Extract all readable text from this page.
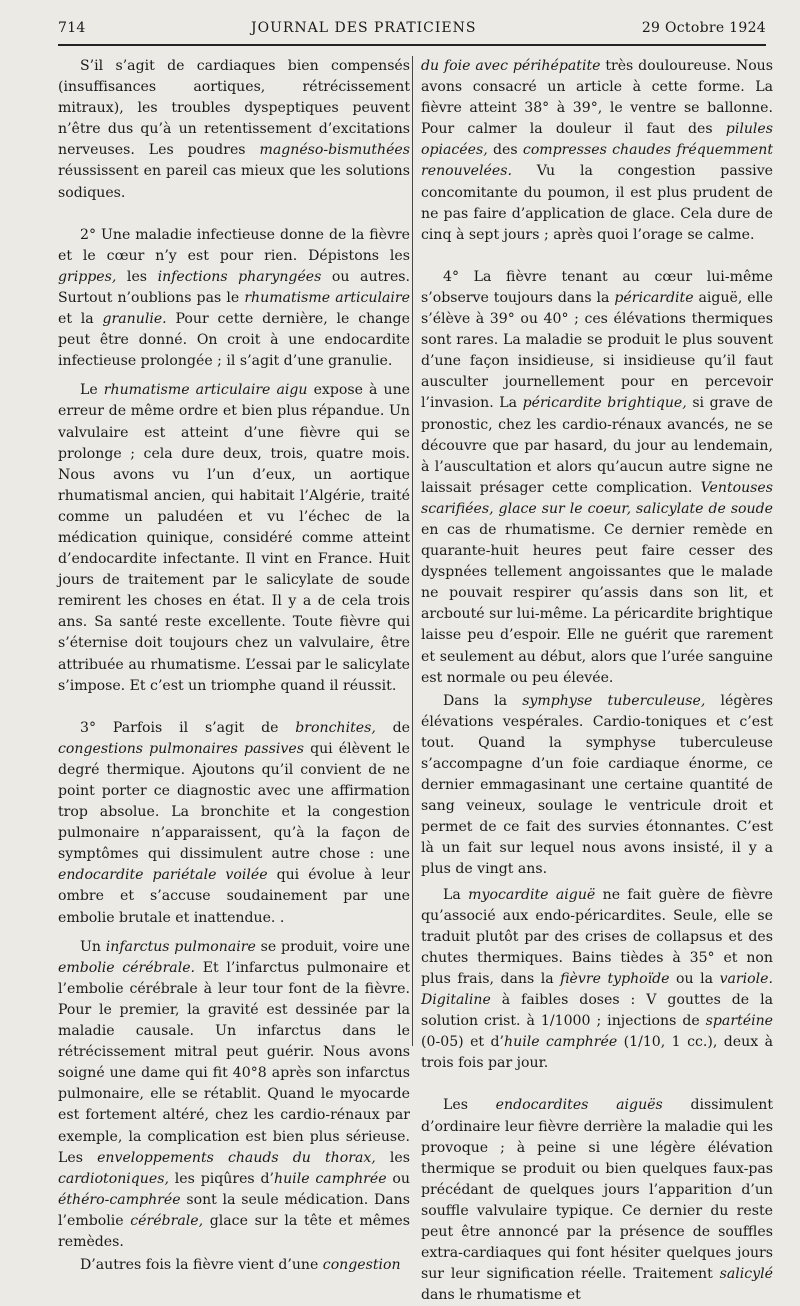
714	JOURNAL DES PRATICIENS	29 Octobre 1924

S’il s’agit de cardiaques bien compensés (insuffisances aortiques, rétrécissement mitraux), les troubles dyspeptiques peuvent n’être dus qu’à un retentissement d’excitations nerveuses. Les poudres magnéso-bismuthées réussissent en pareil cas mieux que les solutions sodiques.

2° Une maladie infectieuse donne de la fièvre et le cœur n’y est pour rien. Dépistons les grippes, les infections pharyngées ou autres. Surtout n’oublions pas le rhumatisme articulaire et la granulie. Pour cette dernière, le change peut être donné. On croit à une endocardite infectieuse prolongée ; il s’agit d’une granulie.

Le rhumatisme articulaire aigu expose à une erreur de même ordre et bien plus répandue. Un valvulaire est atteint d’une fièvre qui se prolonge ; cela dure deux, trois, quatre mois. Nous avons vu l’un d’eux, un aortique rhumatismal ancien, qui habitait l’Algérie, traité comme un paludéen et vu l’échec de la médication quinique, considéré comme atteint d’endocardite infectante. Il vint en France. Huit jours de traitement par le salicylate de soude remirent les choses en état. Il y a de cela trois ans. Sa santé reste excellente. Toute fièvre qui s’éternise doit toujours chez un valvulaire, être attribuée au rhumatisme. L’essai par le salicylate s’impose. Et c’est un triomphe quand il réussit.

3° Parfois il s’agit de bronchites, de congestions pulmonaires passives qui élèvent le degré thermique. Ajoutons qu’il convient de ne point porter ce diagnostic avec une affirmation trop absolue. La bronchite et la congestion pulmonaire n’apparaissent, qu’à la façon de symptômes qui dissimulent autre chose : une endocardite pariétale voilée qui évolue à leur ombre et s’accuse soudainement par une embolie brutale et inattendue. .

Un infarctus pulmonaire se produit, voire une embolie cérébrale. Et l’infarctus pulmonaire et l’embolie cérébrale à leur tour font de la fièvre. Pour le premier, la gravité est dessinée par la maladie causale. Un infarctus dans le rétrécissement mitral peut guérir. Nous avons soigné une dame qui fit 40°8 après son infarctus pulmonaire, elle se rétablit. Quand le myocarde est fortement altéré, chez les cardio-rénaux par exemple, la complication est bien plus sérieuse. Les enveloppements chauds du thorax, les cardiotoniques, les piqûres d’huile camphrée ou éthéro-camphrée sont la seule médication. Dans l’embolie cérébrale, glace sur la tête et mêmes remèdes.

D’autres fois la fièvre vient d’une congestion

du foie avec périhépatite très douloureuse. Nous avons consacré un article à cette forme. La fièvre atteint 38° à 39°, le ventre se ballonne. Pour calmer la douleur il faut des pilules opiacées, des compresses chaudes fréquemment renouvelées. Vu la congestion passive concomitante du poumon, il est plus prudent de ne pas faire d’application de glace. Cela dure de cinq à sept jours ; après quoi l’orage se calme.

4° La fièvre tenant au cœur lui-même s’observe toujours dans la péricardite aiguë, elle s’élève à 39° ou 40° ; ces élévations thermiques sont rares. La maladie se produit le plus souvent d’une façon insidieuse, si insidieuse qu’il faut ausculter journellement pour en percevoir l’invasion. La péricardite brightique, si grave de pronostic, chez les cardio-rénaux avancés, ne se découvre que par hasard, du jour au lendemain, à l’auscultation et alors qu’aucun autre signe ne laissait présager cette complication. Ventouses scarifiées, glace sur le coeur, salicylate de soude en cas de rhumatisme. Ce dernier remède en quarante-huit heures peut faire cesser des dyspnées tellement angoissantes que le malade ne pouvait respirer qu’assis dans son lit, et arcbouté sur lui-même. La péricardite brightique laisse peu d’espoir. Elle ne guérit que rarement et seulement au début, alors que l’urée sanguine est normale ou peu élevée.

Dans la symphyse tuberculeuse, légères élévations vespérales. Cardio-toniques et c’est tout. Quand la symphyse tuberculeuse s’accompagne d’un foie cardiaque énorme, ce dernier emmagasinant une certaine quantité de sang veineux, soulage le ventricule droit et permet de ce fait des survies étonnantes. C’est là un fait sur lequel nous avons insisté, il y a plus de vingt ans.

La myocardite aiguë ne fait guère de fièvre qu’associé aux endo-péricardites. Seule, elle se traduit plutôt par des crises de collapsus et des chutes thermiques. Bains tièdes à 35° et non plus frais, dans la fièvre typhoïde ou la variole. Digitaline à faibles doses : V gouttes de la solution crist. à 1/1000 ; injections de spartéine (0-05) et d’huile camphrée (1/10, 1 cc.), deux à trois fois par jour.

Les endocardites aiguës dissimulent d’ordinaire leur fièvre derrière la maladie qui les provoque ; à peine si une légère élévation thermique se produit ou bien quelques faux-pas précédant de quelques jours l’apparition d’un souffle valvulaire typique. Ce dernier du reste peut être annoncé par la présence de souffles extra-cardiaques qui font hésiter quelques jours sur leur signification réelle. Traitement salicylé dans le rhumatisme et
